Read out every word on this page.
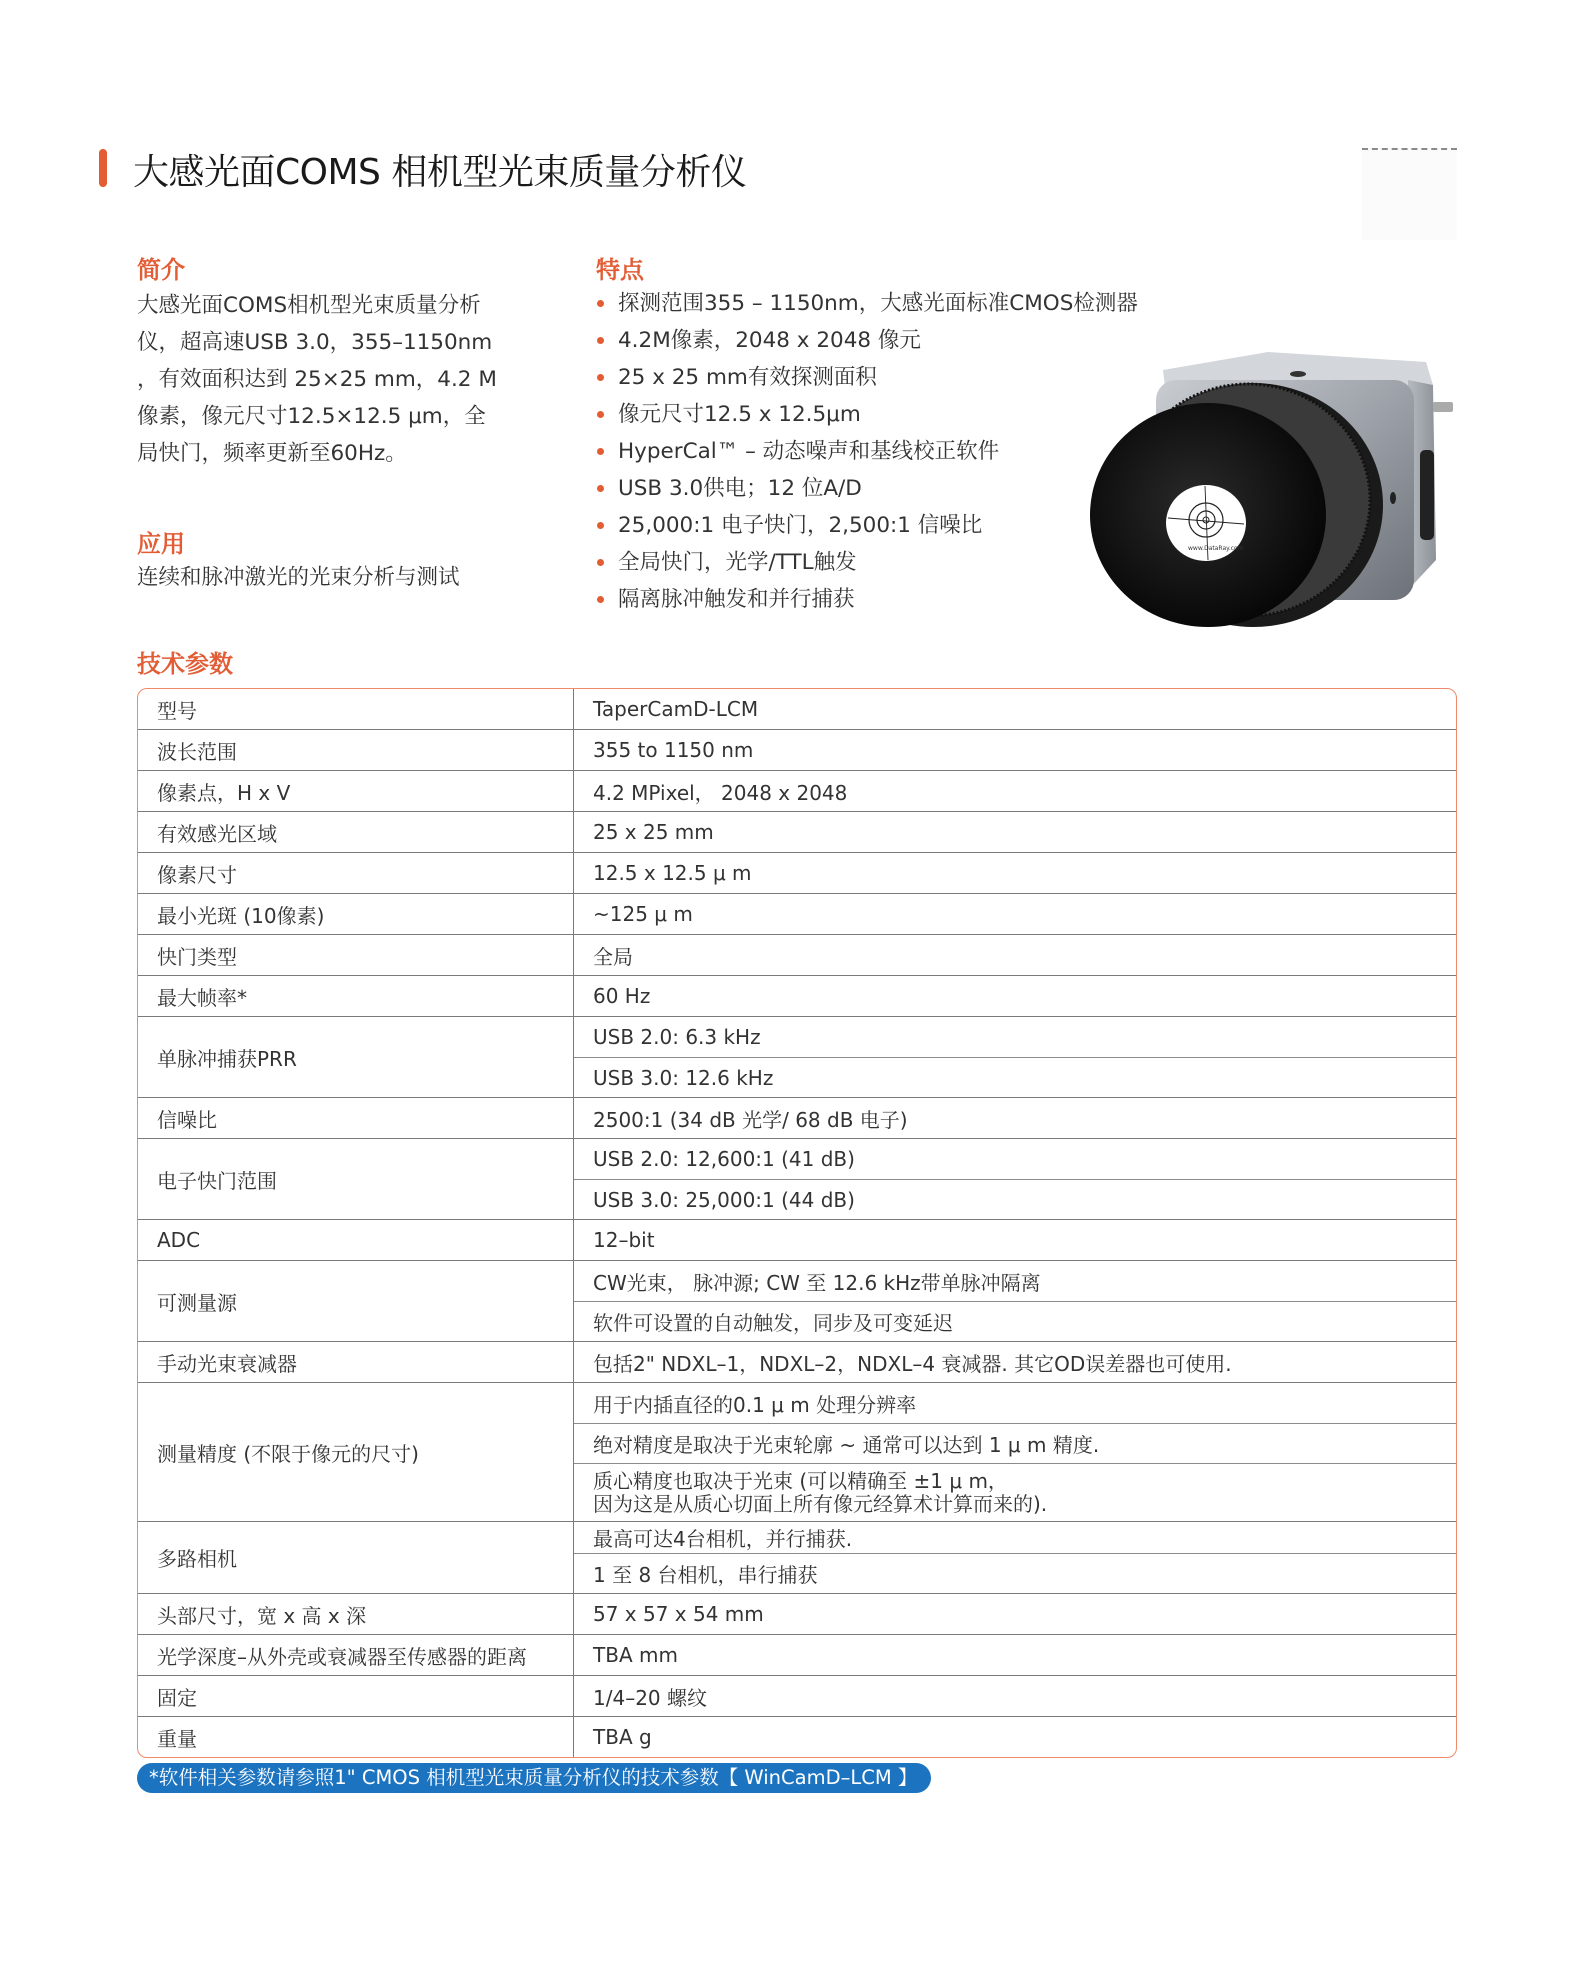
大感光面COMS 相机型光束质量分析仪
简介
大感光面COMS相机型光束质量分析
仪，超高速USB 3.0，355–1150nm
，有效面积达到 25×25 mm，4.2 M
像素，像元尺寸12.5×12.5 μm，全
局快门，频率更新至60Hz。
应用
连续和脉冲激光的光束分析与测试
特点
探测范围355 – 1150nm，大感光面标准CMOS检测器
4.2M像素，2048 x 2048 像元
25 x 25 mm有效探测面积
像元尺寸12.5 x 12.5μm
HyperCal™ – 动态噪声和基线校正软件
USB 3.0供电；12 位A/D
25,000:1 电子快门，2,500:1 信噪比
全局快门，光学/TTL触发
隔离脉冲触发和并行捕获
www.DataRay.com
技术参数
型号	TaperCamD-LCM
波长范围	355 to 1150 nm
像素点，H x V	4.2 MPixel， 2048 x 2048
有效感光区域	25 x 25 mm
像素尺寸	12.5 x 12.5 μ m
最小光斑 (10像素)	~125 μ m
快门类型	全局
最大帧率*	60 Hz
单脉冲捕获PRR
USB 2.0: 6.3 kHz
USB 3.0: 12.6 kHz
信噪比	2500:1 (34 dB 光学/ 68 dB 电子)
电子快门范围
USB 2.0: 12,600:1 (41 dB)
USB 3.0: 25,000:1 (44 dB)
ADC	12–bit
可测量源
CW光束， 脉冲源; CW 至 12.6 kHz带单脉冲隔离
软件可设置的自动触发，同步及可变延迟
手动光束衰减器	包括2" NDXL–1，NDXL–2，NDXL–4 衰减器. 其它OD误差器也可使用.
测量精度 (不限于像元的尺寸)
用于内插直径的0.1 μ m 处理分辨率
绝对精度是取决于光束轮廓 ~ 通常可以达到 1 μ m 精度.
质心精度也取决于光束 (可以精确至 ±1 μ m，
因为这是从质心切面上所有像元经算术计算而来的).
多路相机
最高可达4台相机，并行捕获.
1 至 8 台相机，串行捕获
头部尺寸，宽 x 高 x 深	57 x 57 x 54 mm
光学深度–从外壳或衰减器至传感器的距离	TBA mm
固定	1/4–20 螺纹
重量	TBA g
*软件相关参数请参照1" CMOS 相机型光束质量分析仪的技术参数【 WinCamD–LCM 】
